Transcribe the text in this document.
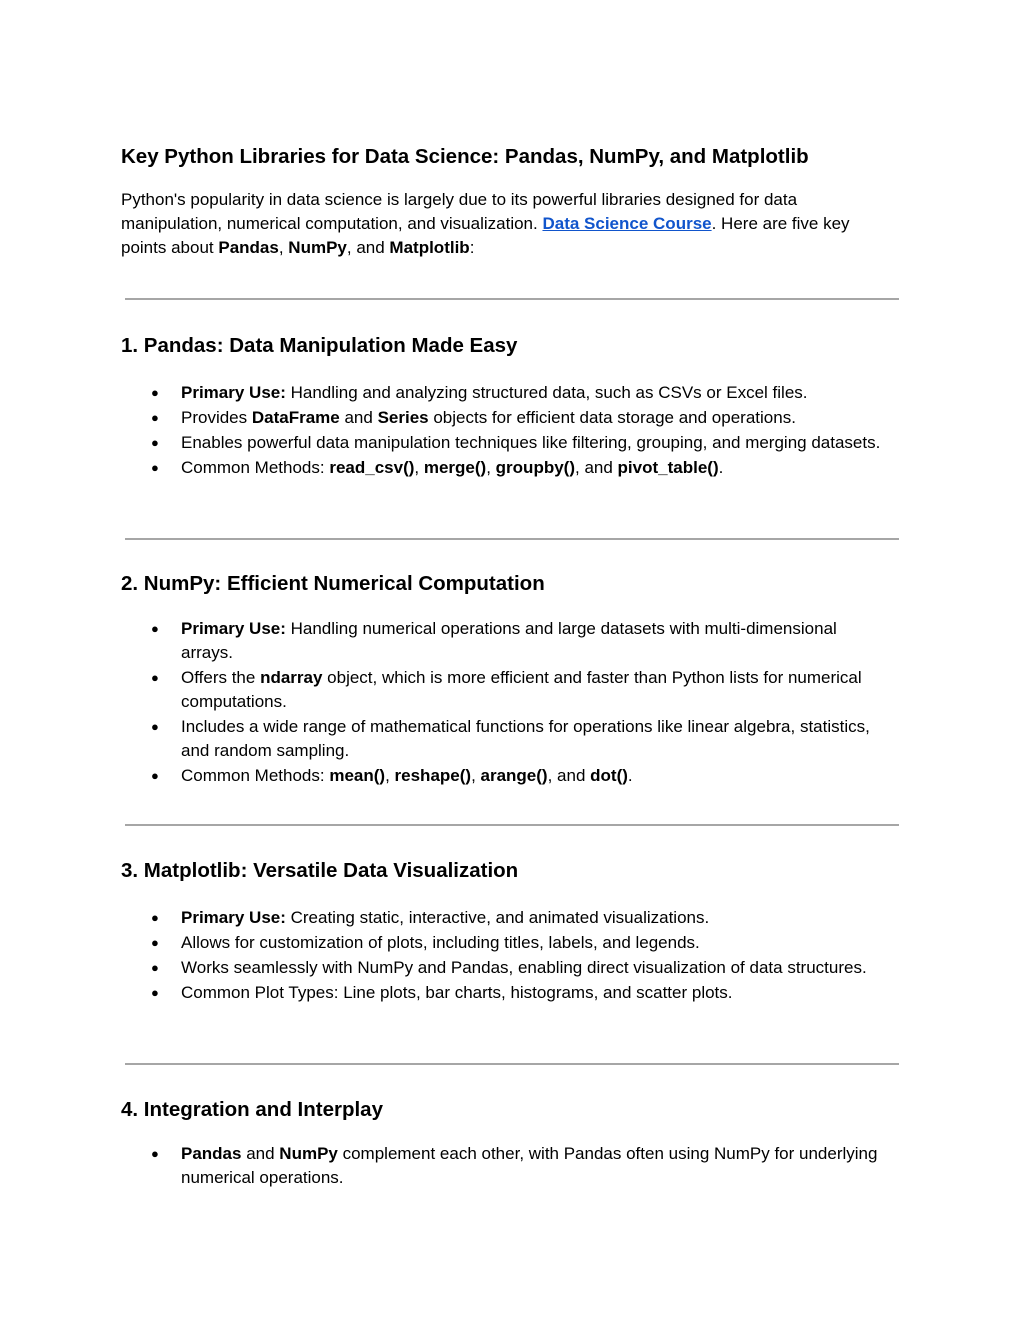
Key Python Libraries for Data Science: Pandas, NumPy, and Matplotlib

Python's popularity in data science is largely due to its powerful libraries designed for data manipulation, numerical computation, and visualization. Data Science Course. Here are five key points about Pandas, NumPy, and Matplotlib:

1. Pandas: Data Manipulation Made Easy
● Primary Use: Handling and analyzing structured data, such as CSVs or Excel files.
● Provides DataFrame and Series objects for efficient data storage and operations.
● Enables powerful data manipulation techniques like filtering, grouping, and merging datasets.
● Common Methods: read_csv(), merge(), groupby(), and pivot_table().
2. NumPy: Efficient Numerical Computation
● Primary Use: Handling numerical operations and large datasets with multi-dimensional arrays.
● Offers the ndarray object, which is more efficient and faster than Python lists for numerical computations.
● Includes a wide range of mathematical functions for operations like linear algebra, statistics, and random sampling.
● Common Methods: mean(), reshape(), arange(), and dot().
3. Matplotlib: Versatile Data Visualization
● Primary Use: Creating static, interactive, and animated visualizations.
● Allows for customization of plots, including titles, labels, and legends.
● Works seamlessly with NumPy and Pandas, enabling direct visualization of data structures.
● Common Plot Types: Line plots, bar charts, histograms, and scatter plots.
4. Integration and Interplay
● Pandas and NumPy complement each other, with Pandas often using NumPy for underlying numerical operations.
